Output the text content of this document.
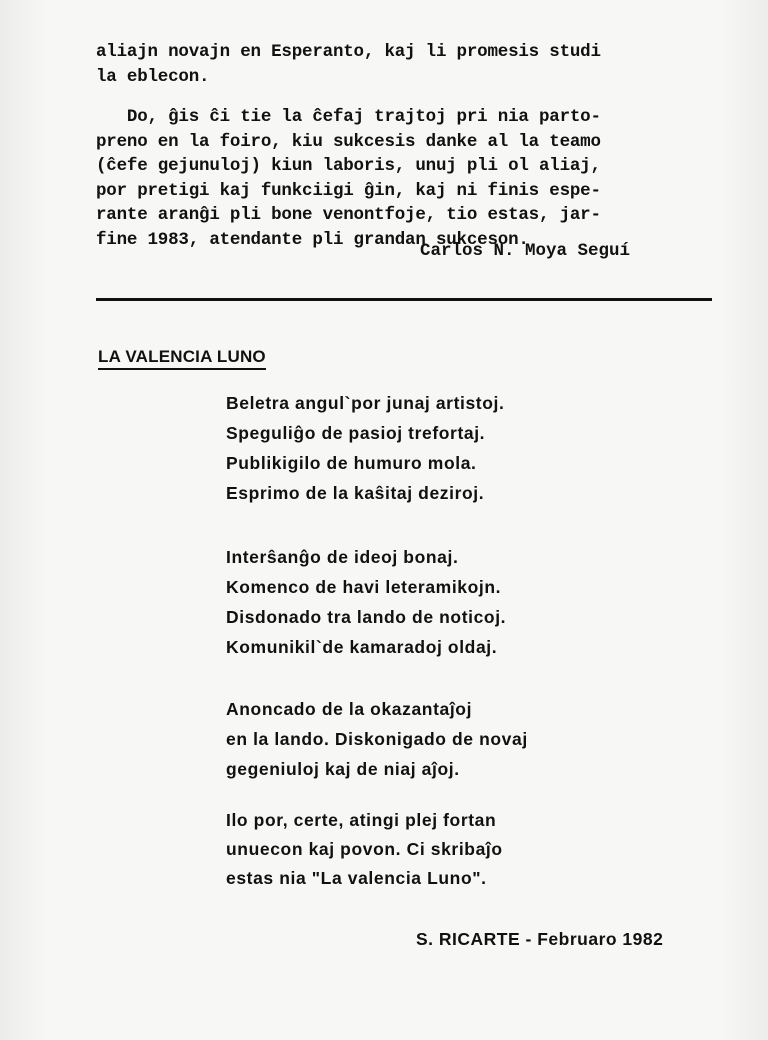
aliajn novajn en Esperanto, kaj li promesis studi
la eblecon.
Do, ĝis ĉi tie la ĉefaj trajtoj pri nia parto-
preno en la foiro, kiu sukcesis danke al la teamo
(ĉefe gejunuloj) kiun laboris, unuj pli ol aliaj,
por pretigi kaj funkciigi ĝin, kaj ni finis espe-
rante aranĝi pli bone venontfoje, tio estas, jar-
fine 1983, atendante pli grandan sukceson.
Carlos N. Moya Seguí
LA VALENCIA LUNO
Beletra angul`por junaj artistoj.
Speguliĝo de pasioj trefortaj.
Publikigilo de humuro mola.
Esprimo de la kaŝitaj deziroj.
Interŝanĝo de ideoj bonaj.
Komenco de havi leteramikojn.
Disdonado tra lando de noticoj.
Komunikil`de kamaradoj oldaj.
Anoncado de la okazantaĵoj
en la lando. Diskonigado de novaj
gegeniuloj kaj de niaj aĵoj.
Ilo por, certe, atingi plej fortan
unuecon kaj povon. Ci skribaĵo
estas nia "La valencia Luno".
S. RICARTE - Februaro 1982
